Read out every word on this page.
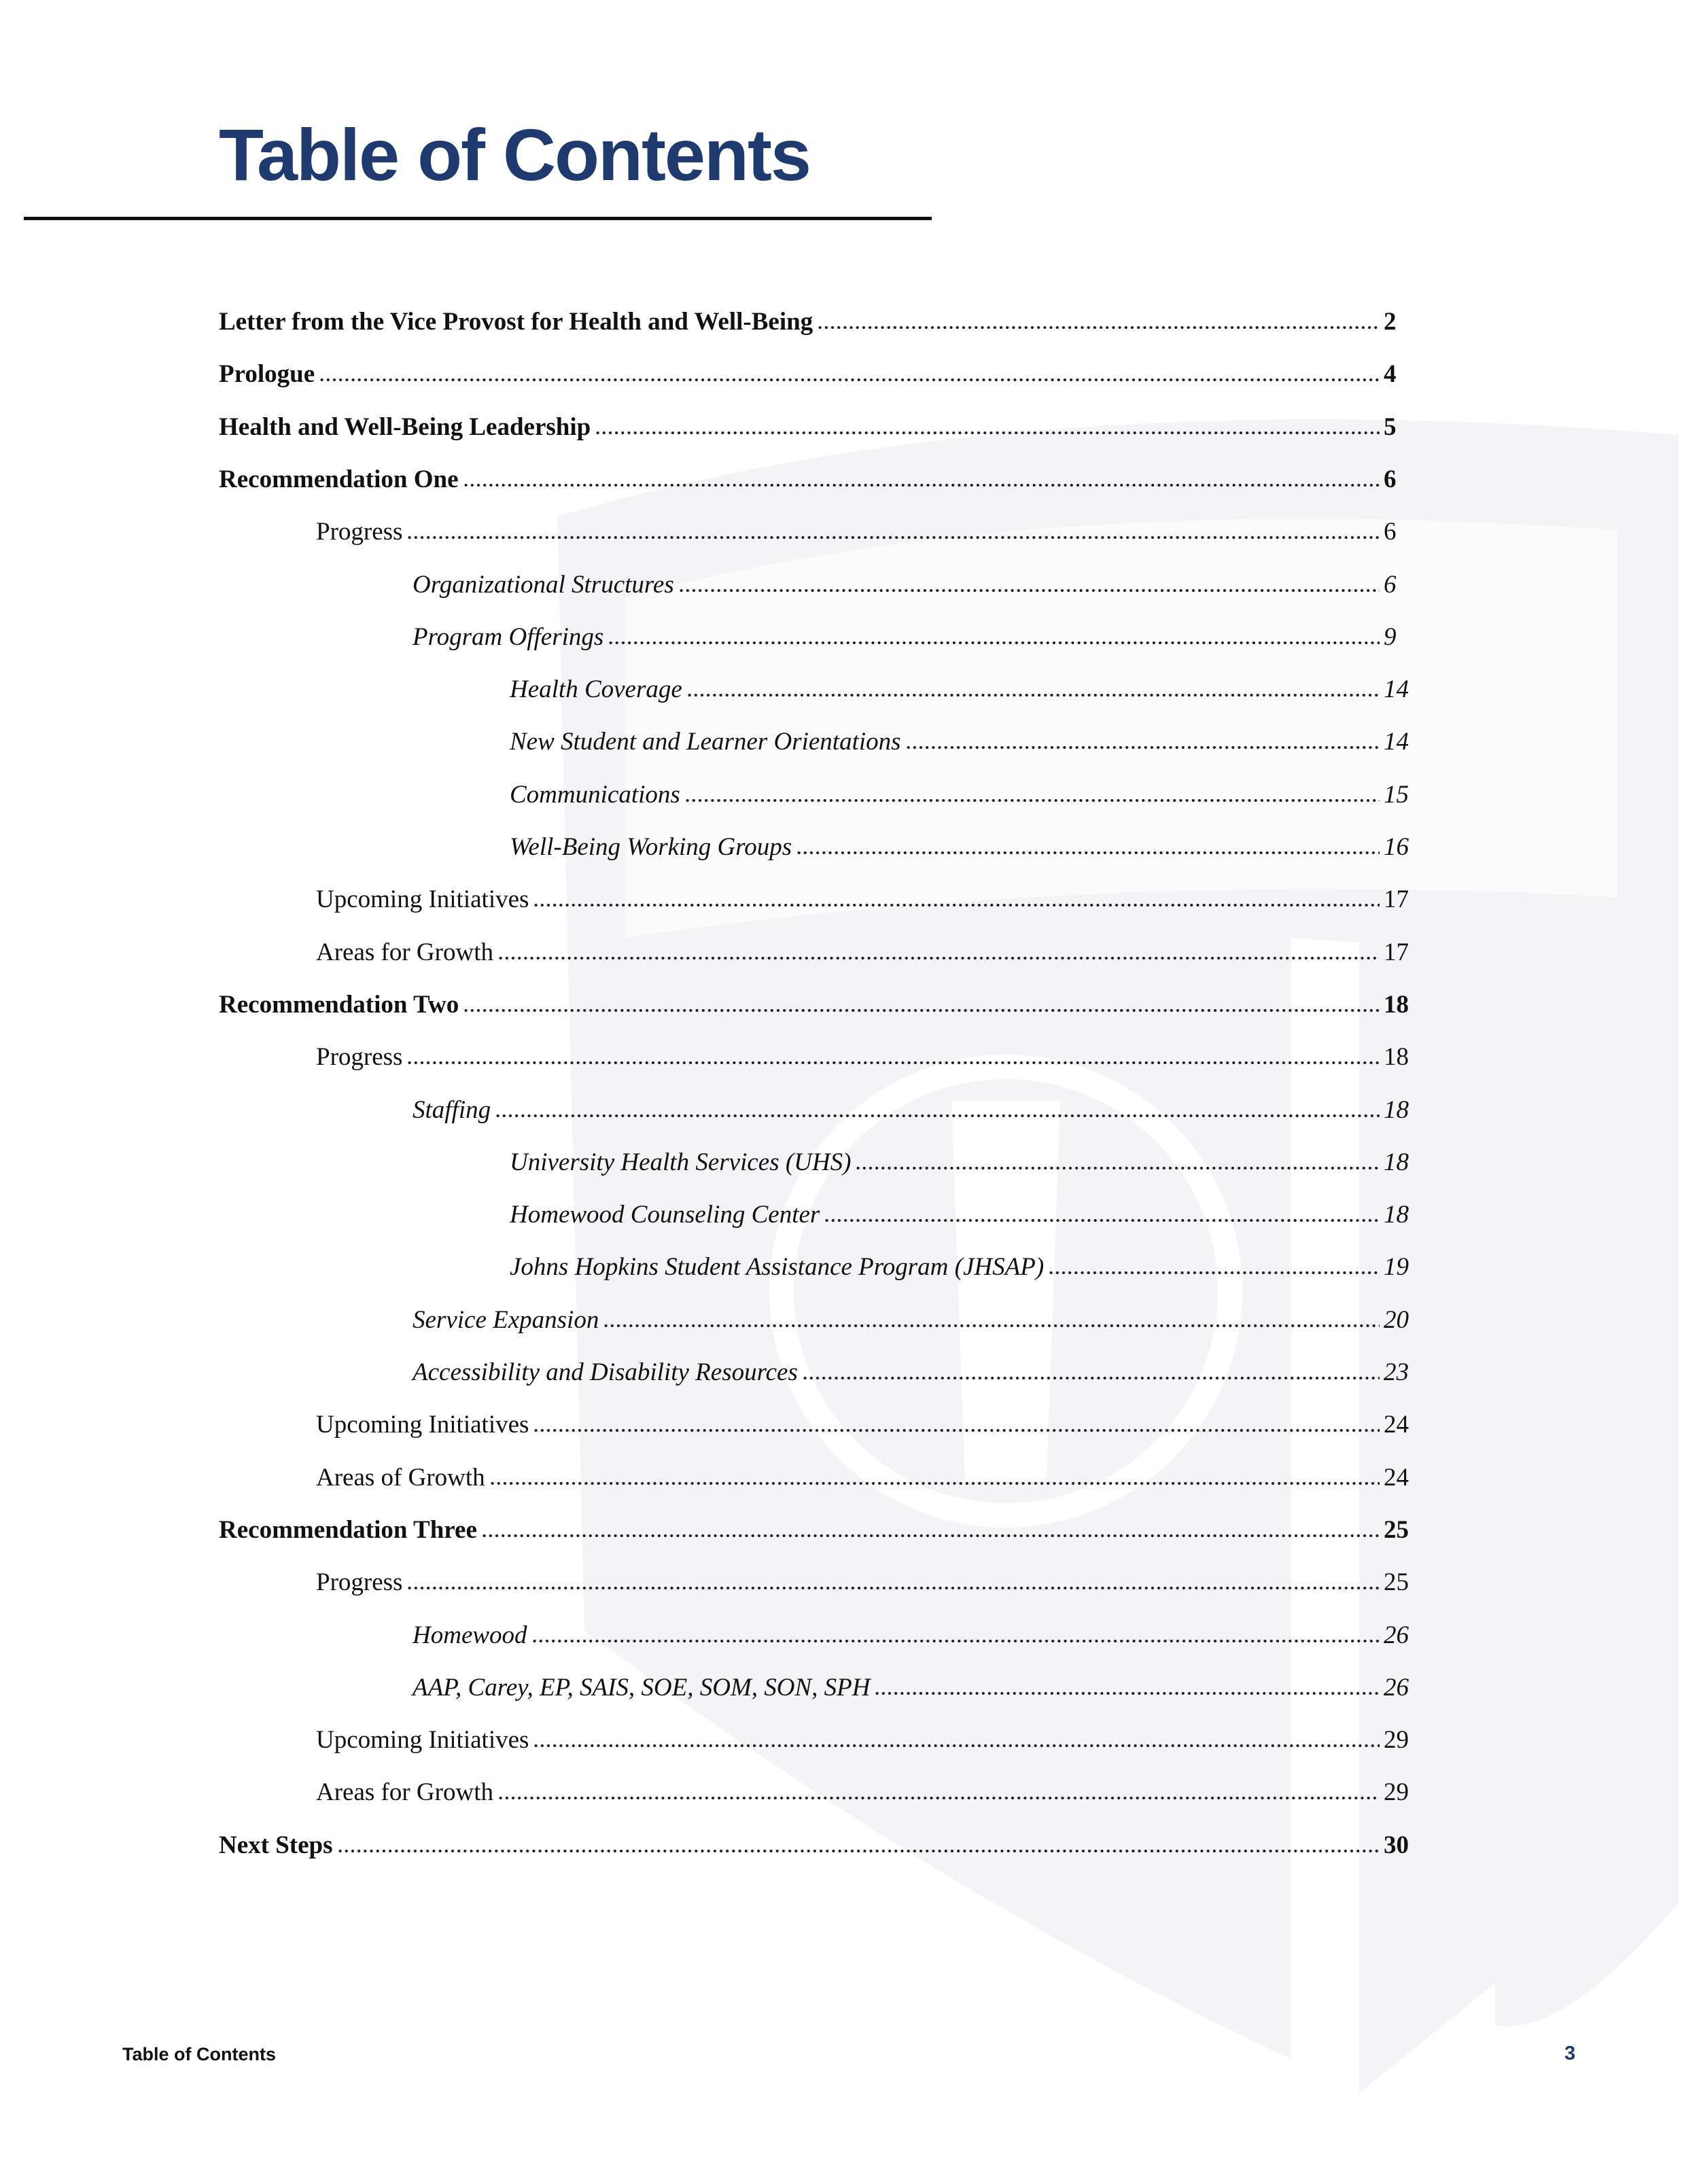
Table of Contents
Letter from the Vice Provost for Health and Well-Being	2
Prologue	4
Health and Well-Being Leadership	5
Recommendation One	6
Progress	6
Organizational Structures	6
Program Offerings	9
Health Coverage	14
New Student and Learner Orientations	14
Communications	15
Well-Being Working Groups	16
Upcoming Initiatives	17
Areas for Growth	17
Recommendation Two	18
Progress	18
Staffing	18
University Health Services (UHS)	18
Homewood Counseling Center	18
Johns Hopkins Student Assistance Program (JHSAP)	19
Service Expansion	20
Accessibility and Disability Resources	23
Upcoming Initiatives	24
Areas of Growth	24
Recommendation Three	25
Progress	25
Homewood	26
AAP, Carey, EP, SAIS, SOE, SOM, SON, SPH	26
Upcoming Initiatives	29
Areas for Growth	29
Next Steps	30
Table of Contents	3
